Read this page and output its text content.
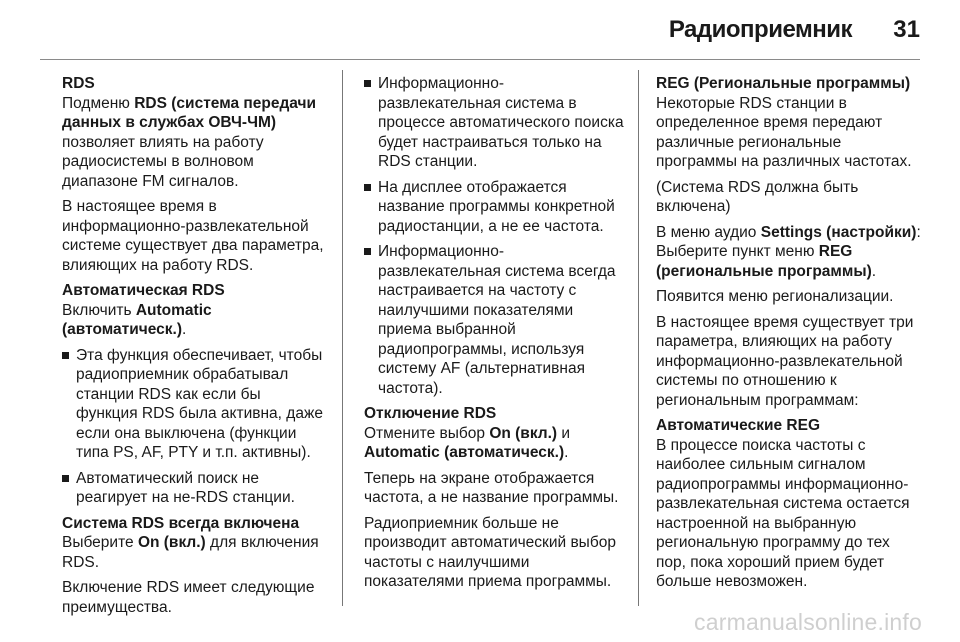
Радиоприемник 31
RDS

Подменю RDS (система передачи данных в службах ОВЧ-ЧМ) позволяет влиять на работу радиосистемы в волновом диапазоне FM сигналов.

В настоящее время в информационно-развлекательной системе существует два параметра, влияющих на работу RDS.

Автоматическая RDS

Включить Automatic (автоматическ.).

Эта функция обеспечивает, чтобы радиоприемник обрабатывал станции RDS как если бы функция RDS была активна, даже если она выключена (функции типа PS, AF, PTY и т.п. активны).
Автоматический поиск не реагирует на не-RDS станции.
Система RDS всегда включена

Выберите On (вкл.) для включения RDS.

Включение RDS имеет следующие преимущества.

Информационно-развлекательная система в процессе автоматического поиска будет настраиваться только на RDS станции.
На дисплее отображается название программы конкретной радиостанции, а не ее частота.
Информационно-развлекательная система всегда настраивается на частоту с наилучшими показателями приема выбранной радиопрограммы, используя систему AF (альтернативная частота).
Отключение RDS

Отмените выбор On (вкл.) и Automatic (автоматическ.).

Теперь на экране отображается частота, а не название программы.

Радиоприемник больше не производит автоматический выбор частоты с наилучшими показателями приема программы.

REG (Региональные программы)

Некоторые RDS станции в определенное время передают различные региональные программы на различных частотах.

(Система RDS должна быть включена)

В меню аудио Settings (настройки): Выберите пункт меню REG (региональные программы).

Появится меню регионализации.

В настоящее время существует три параметра, влияющих на работу информационно-развлекательной системы по отношению к региональным программам:

Автоматические REG

В процессе поиска частоты с наиболее сильным сигналом радиопрограммы информационно-развлекательная система остается настроенной на выбранную региональную программу до тех пор, пока хороший прием будет больше невозможен.

carmanualsonline.info
